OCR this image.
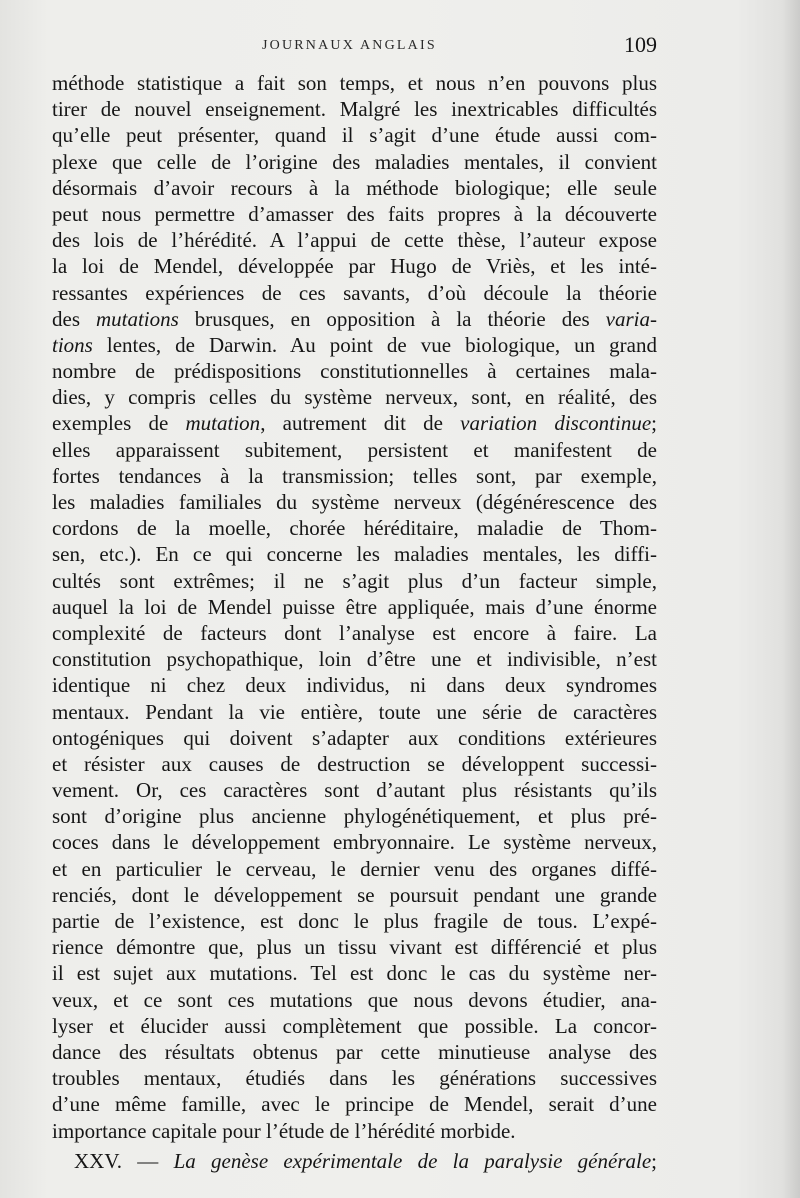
JOURNAUX ANGLAIS	109
méthode statistique a fait son temps, et nous n’en pouvons plus
tirer de nouvel enseignement. Malgré les inextricables difficultés
qu’elle peut présenter, quand il s’agit d’une étude aussi com-
plexe que celle de l’origine des maladies mentales, il convient
désormais d’avoir recours à la méthode biologique; elle seule
peut nous permettre d’amasser des faits propres à la découverte
des lois de l’hérédité. A l’appui de cette thèse, l’auteur expose
la loi de Mendel, développée par Hugo de Vriès, et les inté-
ressantes expériences de ces savants, d’où découle la théorie
des mutations brusques, en opposition à la théorie des varia-
tions lentes, de Darwin. Au point de vue biologique, un grand
nombre de prédispositions constitutionnelles à certaines mala-
dies, y compris celles du système nerveux, sont, en réalité, des
exemples de mutation, autrement dit de variation discontinue;
elles apparaissent subitement, persistent et manifestent de
fortes tendances à la transmission; telles sont, par exemple,
les maladies familiales du système nerveux (dégénérescence des
cordons de la moelle, chorée héréditaire, maladie de Thom-
sen, etc.). En ce qui concerne les maladies mentales, les diffi-
cultés sont extrêmes; il ne s’agit plus d’un facteur simple,
auquel la loi de Mendel puisse être appliquée, mais d’une énorme
complexité de facteurs dont l’analyse est encore à faire. La
constitution psychopathique, loin d’être une et indivisible, n’est
identique ni chez deux individus, ni dans deux syndromes
mentaux. Pendant la vie entière, toute une série de caractères
ontogéniques qui doivent s’adapter aux conditions extérieures
et résister aux causes de destruction se développent successi-
vement. Or, ces caractères sont d’autant plus résistants qu’ils
sont d’origine plus ancienne phylogénétiquement, et plus pré-
coces dans le développement embryonnaire. Le système nerveux,
et en particulier le cerveau, le dernier venu des organes diffé-
renciés, dont le développement se poursuit pendant une grande
partie de l’existence, est donc le plus fragile de tous. L’expé-
rience démontre que, plus un tissu vivant est différencié et plus
il est sujet aux mutations. Tel est donc le cas du système ner-
veux, et ce sont ces mutations que nous devons étudier, ana-
lyser et élucider aussi complètement que possible. La concor-
dance des résultats obtenus par cette minutieuse analyse des
troubles mentaux, étudiés dans les générations successives
d’une même famille, avec le principe de Mendel, serait d’une
importance capitale pour l’étude de l’hérédité morbide.
XXV. — La genèse expérimentale de la paralysie générale;
